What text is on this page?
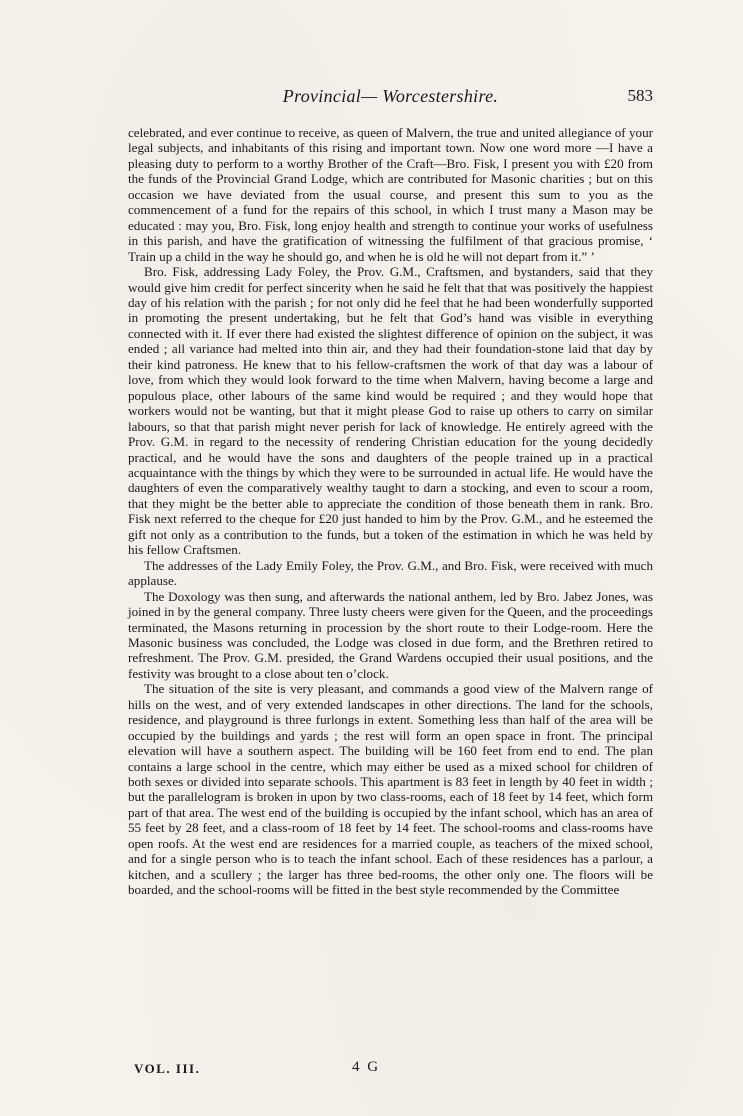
Provincial— Worcestershire.	583

celebrated, and ever continue to receive, as queen of Malvern, the true and united allegiance of your legal subjects, and inhabitants of this rising and important town. Now one word more —I have a pleasing duty to perform to a worthy Brother of the Craft—Bro. Fisk, I present you with £20 from the funds of the Provincial Grand Lodge, which are contributed for Masonic charities ; but on this occasion we have deviated from the usual course, and present this sum to you as the commencement of a fund for the repairs of this school, in which I trust many a Mason may be educated : may you, Bro. Fisk, long enjoy health and strength to continue your works of usefulness in this parish, and have the gratification of witnessing the fulfilment of that gracious promise, ‘ Train up a child in the way he should go, and when he is old he will not depart from it.” ’

Bro. Fisk, addressing Lady Foley, the Prov. G.M., Craftsmen, and bystanders, said that they would give him credit for perfect sincerity when he said he felt that that was positively the happiest day of his relation with the parish ; for not only did he feel that he had been wonderfully supported in promoting the present undertaking, but he felt that God’s hand was visible in everything connected with it. If ever there had existed the slightest difference of opinion on the subject, it was ended ; all variance had melted into thin air, and they had their foundation-stone laid that day by their kind patroness. He knew that to his fellow-craftsmen the work of that day was a labour of love, from which they would look forward to the time when Malvern, having become a large and populous place, other labours of the same kind would be required ; and they would hope that workers would not be wanting, but that it might please God to raise up others to carry on similar labours, so that that parish might never perish for lack of knowledge. He entirely agreed with the Prov. G.M. in regard to the necessity of rendering Christian education for the young decidedly practical, and he would have the sons and daughters of the people trained up in a practical acquaintance with the things by which they were to be surrounded in actual life. He would have the daughters of even the comparatively wealthy taught to darn a stocking, and even to scour a room, that they might be the better able to appreciate the condition of those beneath them in rank. Bro. Fisk next referred to the cheque for £20 just handed to him by the Prov. G.M., and he esteemed the gift not only as a contribution to the funds, but a token of the estimation in which he was held by his fellow Craftsmen.

The addresses of the Lady Emily Foley, the Prov. G.M., and Bro. Fisk, were received with much applause.

The Doxology was then sung, and afterwards the national anthem, led by Bro. Jabez Jones, was joined in by the general company. Three lusty cheers were given for the Queen, and the proceedings terminated, the Masons returning in procession by the short route to their Lodge-room. Here the Masonic business was concluded, the Lodge was closed in due form, and the Brethren retired to refreshment. The Prov. G.M. presided, the Grand Wardens occupied their usual positions, and the festivity was brought to a close about ten o’clock.

The situation of the site is very pleasant, and commands a good view of the Malvern range of hills on the west, and of very extended landscapes in other directions. The land for the schools, residence, and playground is three furlongs in extent. Something less than half of the area will be occupied by the buildings and yards ; the rest will form an open space in front. The principal elevation will have a southern aspect. The building will be 160 feet from end to end. The plan contains a large school in the centre, which may either be used as a mixed school for children of both sexes or divided into separate schools. This apartment is 83 feet in length by 40 feet in width ; but the parallelogram is broken in upon by two class-rooms, each of 18 feet by 14 feet, which form part of that area. The west end of the building is occupied by the infant school, which has an area of 55 feet by 28 feet, and a class-room of 18 feet by 14 feet. The school-rooms and class-rooms have open roofs. At the west end are residences for a married couple, as teachers of the mixed school, and for a single person who is to teach the infant school. Each of these residences has a parlour, a kitchen, and a scullery ; the larger has three bed-rooms, the other only one. The floors will be boarded, and the school-rooms will be fitted in the best style recommended by the Committee

VOL. III.	4 G
